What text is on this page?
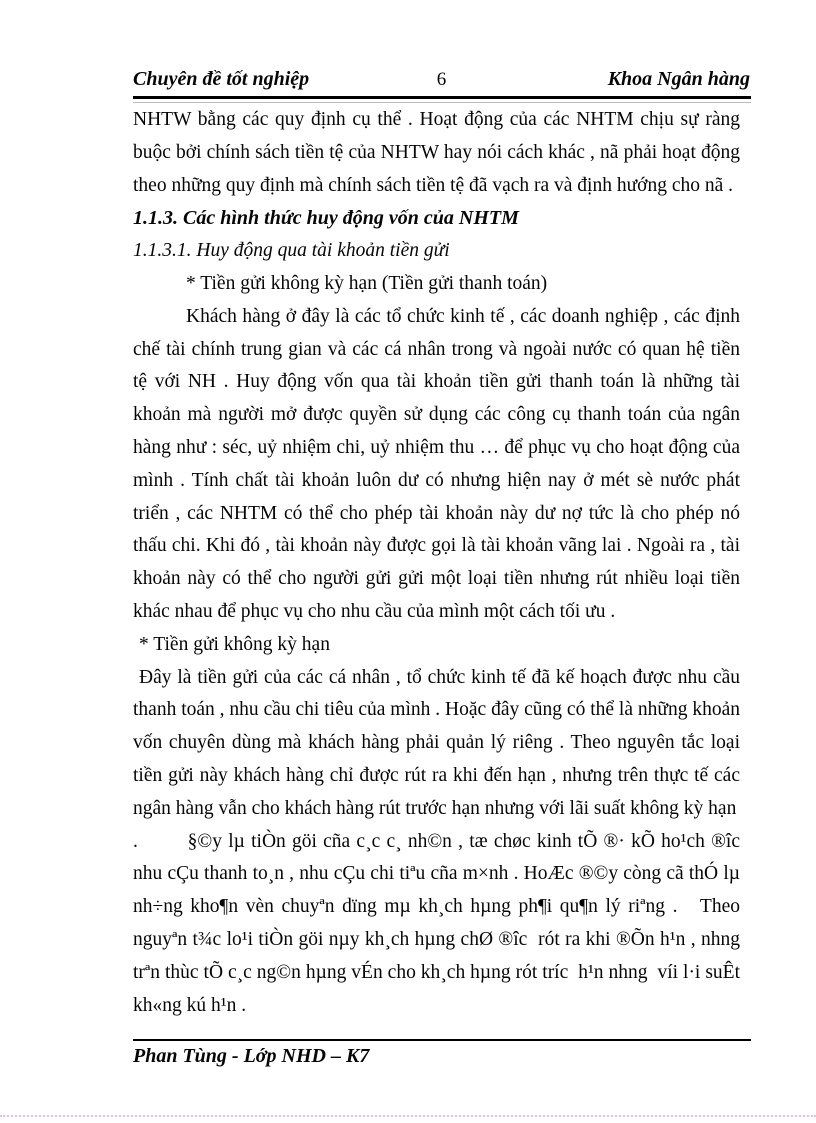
Chuyên đề tốt nghiệp	6	Khoa Ngân hàng

NHTW bằng các quy định cụ thể . Hoạt động của các NHTM chịu sự ràng buộc bởi chính sách tiền tệ của NHTW hay nói cách khác , nã phải hoạt động theo những quy định mà chính sách tiền tệ đã vạch ra và định hướng cho nã .

1.1.3. Các hình thức huy động vốn của NHTM

1.1.3.1. Huy động qua tài khoản tiền gửi

* Tiền gửi không kỳ hạn (Tiền gửi thanh toán)

Khách hàng ở đây là các tổ chức kinh tế , các doanh nghiệp , các định chế tài chính trung gian và các cá nhân trong và ngoài nước có quan hệ tiền tệ với NH . Huy động vốn qua tài khoản tiền gửi thanh toán là những tài khoản mà người mở được quyền sử dụng các công cụ thanh toán của ngân hàng như : séc, uỷ nhiệm chi, uỷ nhiệm thu … để phục vụ cho hoạt động của mình . Tính chất tài khoản luôn dư có nhưng hiện nay ở mét sè nước phát triển , các NHTM có thể cho phép tài khoản này dư nợ tức là cho phép nó thấu chi. Khi đó , tài khoản này được gọi là tài khoản vãng lai . Ngoài ra , tài khoản này có thể cho người gửi gửi một loại tiền nhưng rút nhiều loại tiền khác nhau để phục vụ cho nhu cầu của mình một cách tối ưu .

* Tiền gửi không kỳ hạn

Đây là tiền gửi của các cá nhân , tổ chức kinh tế đã kế hoạch được nhu cầu thanh toán , nhu cầu chi tiêu của mình . Hoặc đây cũng có thể là những khoản vốn chuyên dùng mà khách hàng phải quản lý riêng . Theo nguyên tắc loại tiền gửi này khách hàng chỉ được rút ra khi đến hạn , nhưng trên thực tế các ngân hàng vẫn cho khách hàng rút trước hạn nhưng với lãi suất không kỳ hạn

.        §©y lµ tiÒn göi cña c¸c c¸ nh©n , tæ chøc kinh tÕ ®· kÕ ho¹ch ®îc nhu cÇu thanh to¸n , nhu cÇu chi tiªu cña m×nh . HoÆc ®©y còng cã thÓ lµ nh÷ng kho¶n vèn chuyªn dïng mµ kh¸ch hµng ph¶i qu¶n lý riªng .   Theo nguyªn t¾c lo¹i tiÒn göi nµy kh¸ch hµng chØ ®îc  rót ra khi ®Õn h¹n , nhng trªn thùc tÕ c¸c ng©n hµng vÉn cho kh¸ch hµng rót tríc  h¹n nhng  víi l·i suÊt kh«ng kú h¹n .

Phan Tùng - Lớp NHD – K7
